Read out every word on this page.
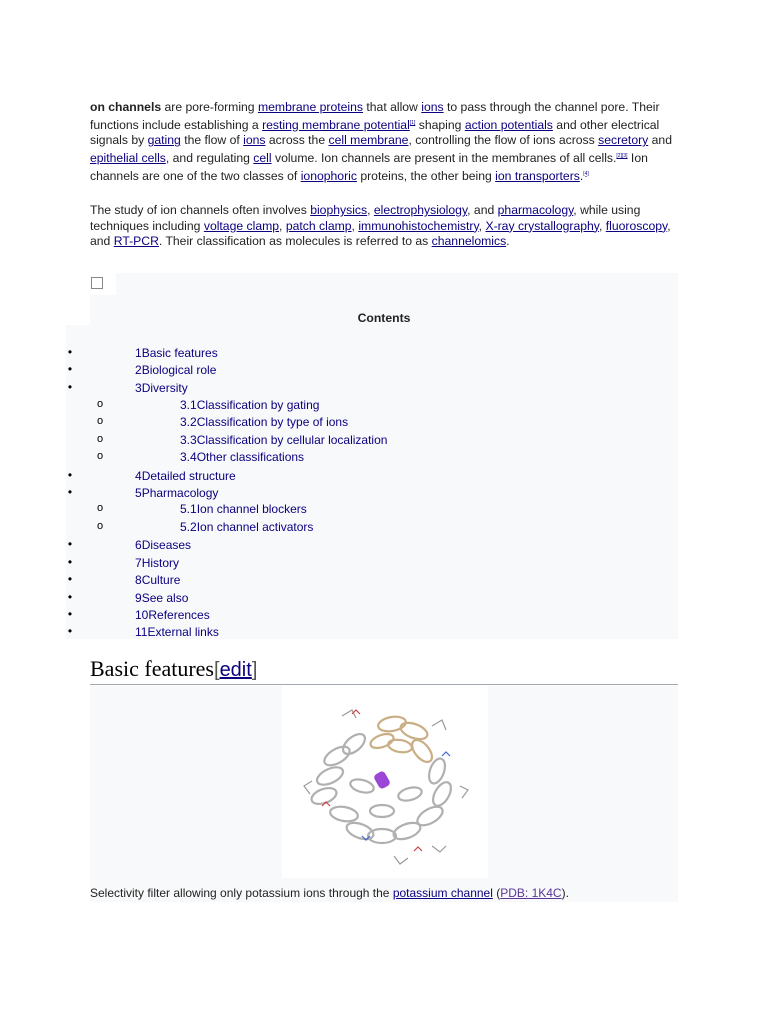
on channels are pore-forming membrane proteins that allow ions to pass through the channel pore. Their functions include establishing a resting membrane potential[1] shaping action potentials and other electrical signals by gating the flow of ions across the cell membrane, controlling the flow of ions across secretory and epithelial cells, and regulating cell volume. Ion channels are present in the membranes of all cells.[2][3] Ion channels are one of the two classes of ionophoric proteins, the other being ion transporters.[4]

The study of ion channels often involves biophysics, electrophysiology, and pharmacology, while using techniques including voltage clamp, patch clamp, immunohistochemistry, X-ray crystallography, fluoroscopy, and RT-PCR. Their classification as molecules is referred to as channelomics.

Contents
•	1Basic features
•	2Biological role
•	3Diversity
o	3.1Classification by gating
o	3.2Classification by type of ions
o	3.3Classification by cellular localization
o	3.4Other classifications
•	4Detailed structure
•	5Pharmacology
o	5.1Ion channel blockers
o	5.2Ion channel activators
•	6Diseases
•	7History
•	8Culture
•	9See also
•	10References
•	11External links
Basic features[edit]
Selectivity filter allowing only potassium ions through the potassium channel (PDB: 1K4C).
